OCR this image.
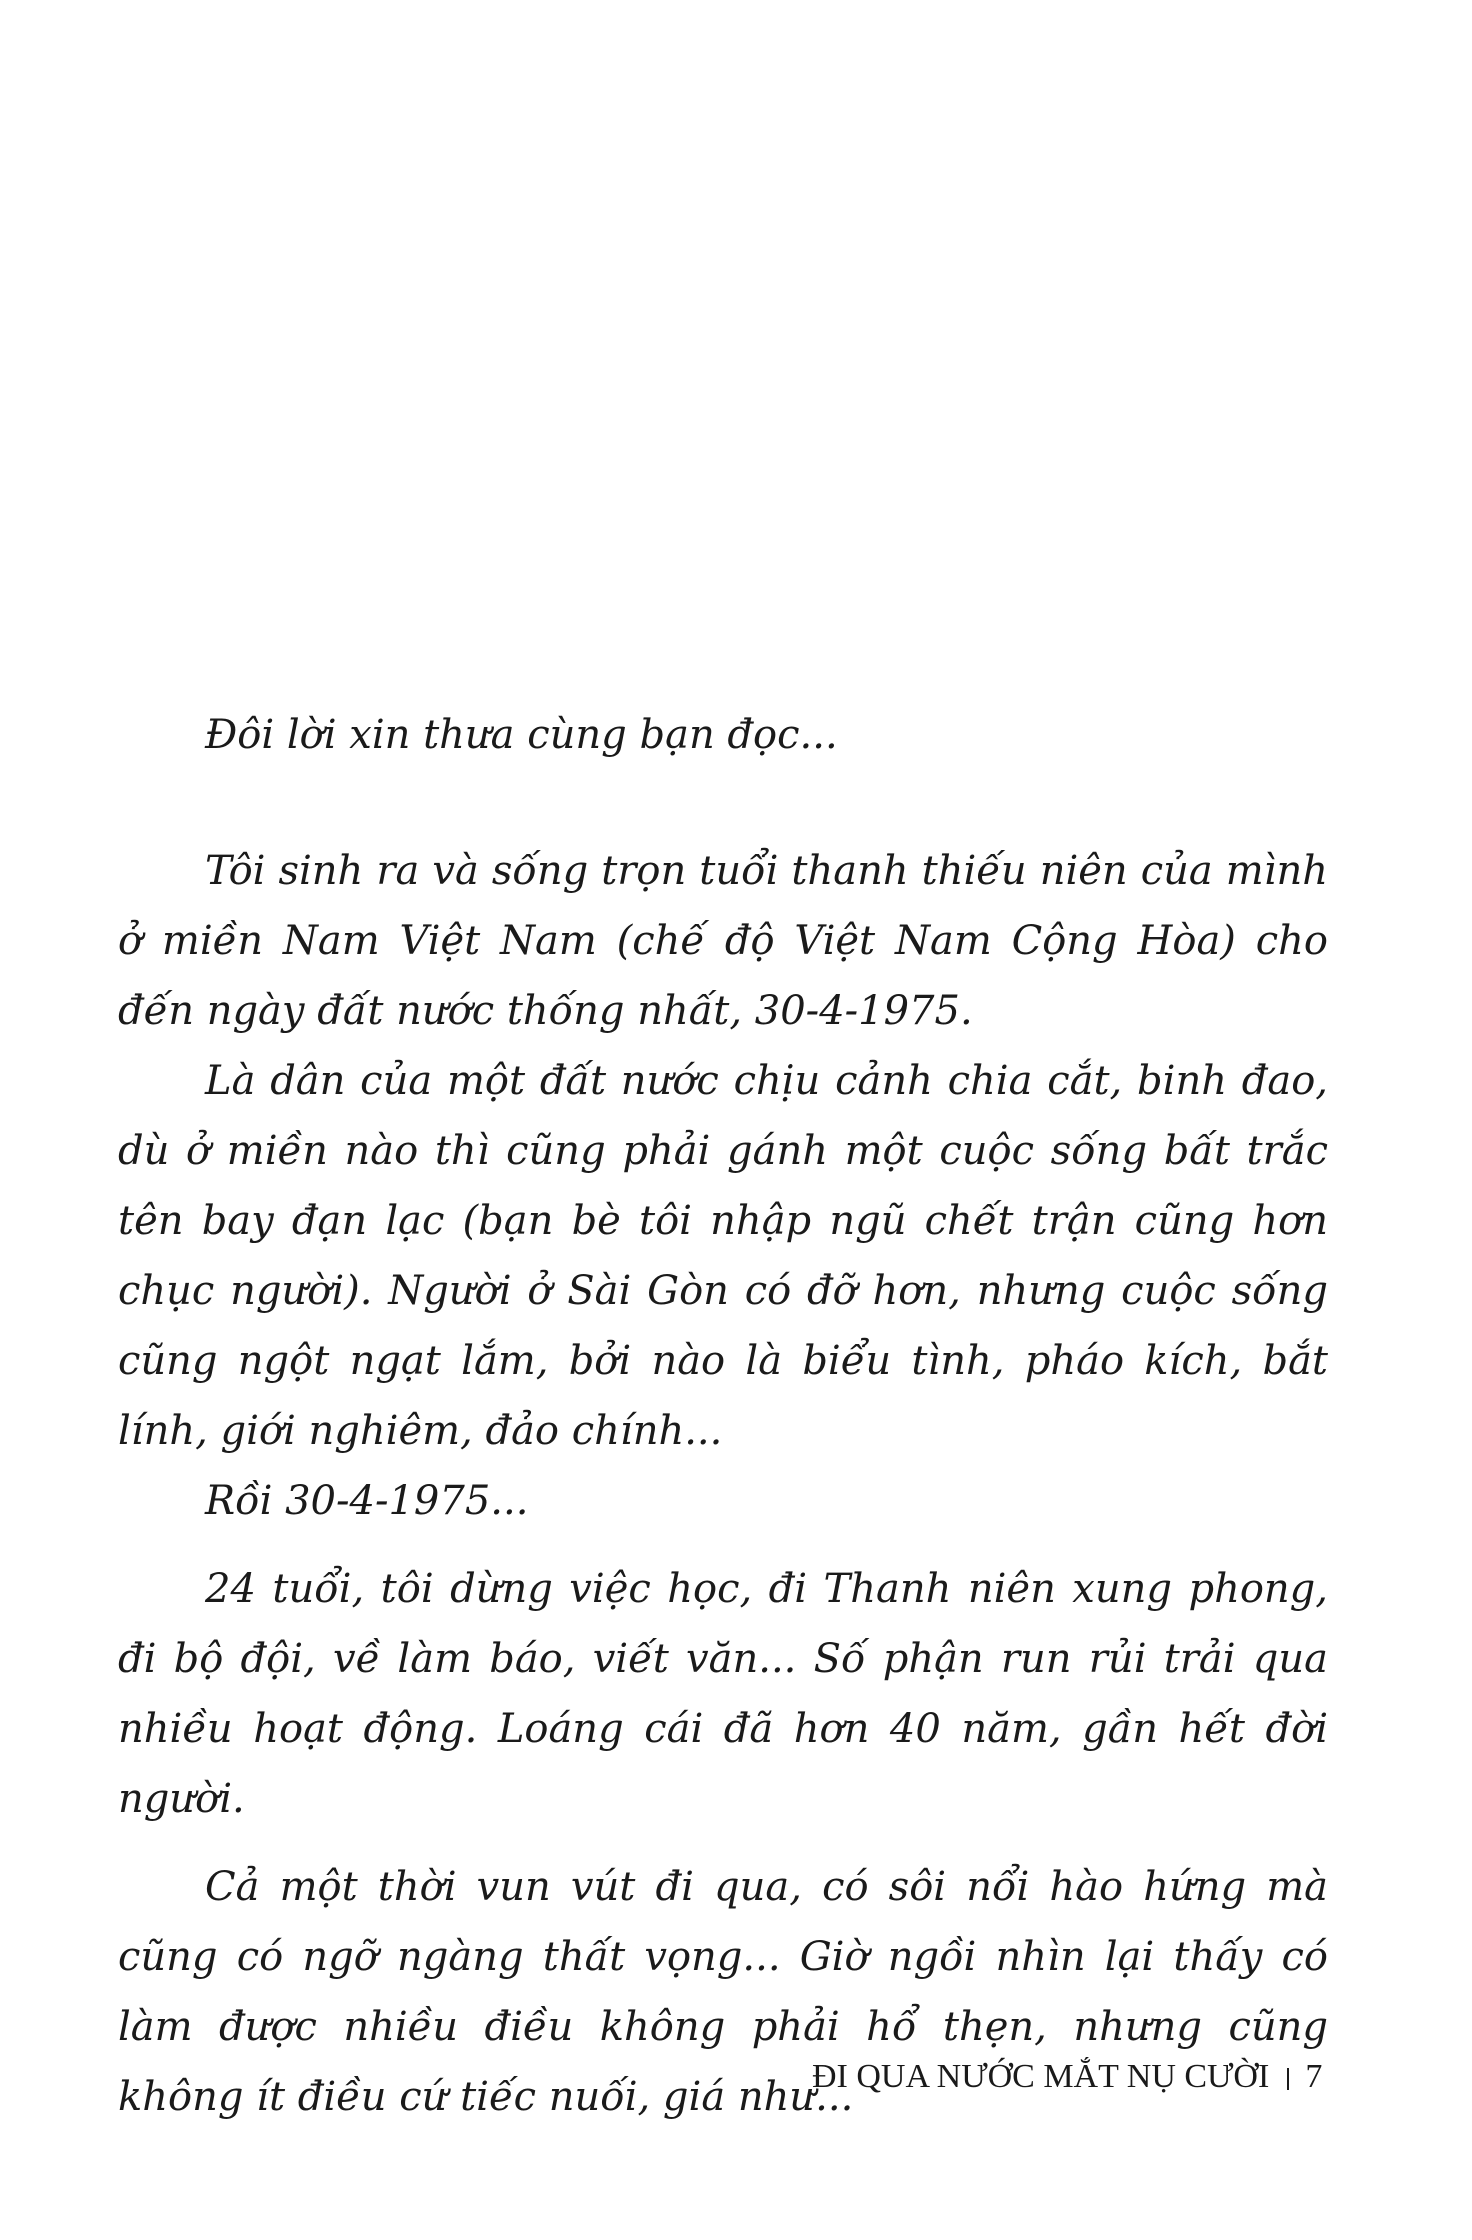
Đôi lời xin thưa cùng bạn đọc...

Tôi sinh ra và sống trọn tuổi thanh thiếu niên của mình ở miền Nam Việt Nam (chế độ Việt Nam Cộng Hòa) cho đến ngày đất nước thống nhất, 30-4-1975.

Là dân của một đất nước chịu cảnh chia cắt, binh đao, dù ở miền nào thì cũng phải gánh một cuộc sống bất trắc tên bay đạn lạc (bạn bè tôi nhập ngũ chết trận cũng hơn chục người). Người ở Sài Gòn có đỡ hơn, nhưng cuộc sống cũng ngột ngạt lắm, bởi nào là biểu tình, pháo kích, bắt lính, giới nghiêm, đảo chính...

Rồi 30-4-1975...

24 tuổi, tôi dừng việc học, đi Thanh niên xung phong, đi bộ đội, về làm báo, viết văn... Số phận run rủi trải qua nhiều hoạt động. Loáng cái đã hơn 40 năm, gần hết đời người.

Cả một thời vun vút đi qua, có sôi nổi hào hứng mà cũng có ngỡ ngàng thất vọng... Giờ ngồi nhìn lại thấy có làm được nhiều điều không phải hổ thẹn, nhưng cũng không ít điều cứ tiếc nuối, giá như...

ĐI QUA NƯỚC MẮT NỤ CƯỜI 7
